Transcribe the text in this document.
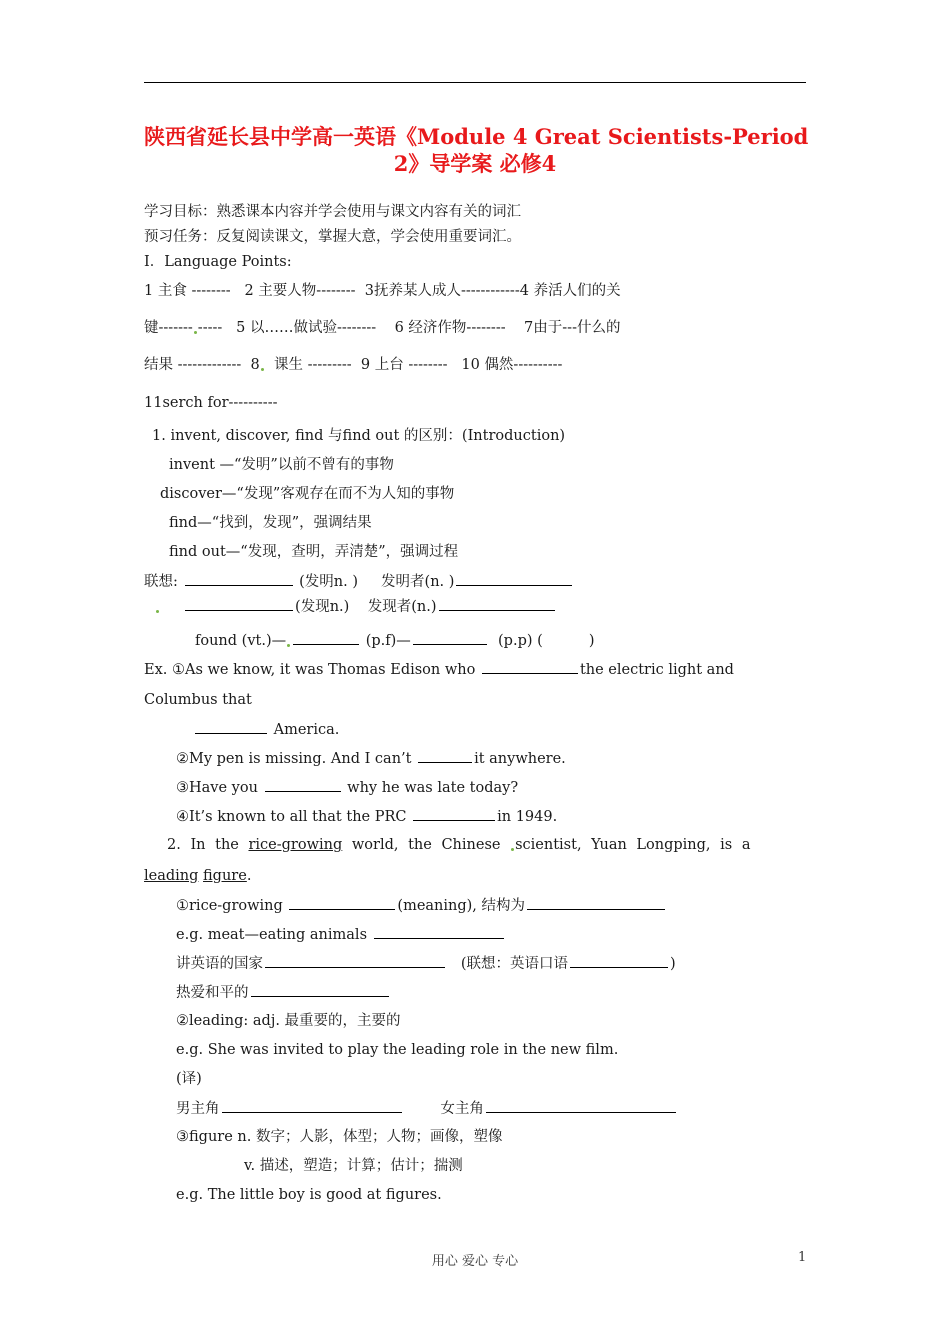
陕西省延长县中学高一英语《Module 4 Great Scientists-Period
2》导学案 必修4
学习目标：熟悉课本内容并学会使用与课文内容有关的词汇
预习任务：反复阅读课文，掌握大意，学会使用重要词汇。
Ⅰ．Language Points:
1 主食 --------   2 主要人物--------  3抚养某人成人------------4 养活人们的关
键------- -----   5 以……做试验--------    6 经济作物--------    7由于---什么的
结果 -------------  8  课生 ---------  9 上台 --------   10 偶然----------
11serch for----------
1. invent, discover, find 与find out 的区别：(Introduction)
invent —“发明”以前不曾有的事物
discover—“发现”客观存在而不为人知的事物
find—“找到，发现”，强调结果
find out—“发现，查明，弄清楚”，强调过程
联想:	(发明n. ) 发明者(n. )
(发现n.) 发现者(n.)
found (vt.)—	(p.f)—	(p.p) (          )
Ex. ①As we know, it was Thomas Edison who	the electric light and
Columbus that
America.
②My pen is missing. And I can’t	it anywhere.
③Have you	why he was late today?
④It’s known to all that the PRC	in 1949.
2. In the rice-growing world, the Chinese scientist, Yuan Longping, is a
leading figure.
①rice-growing	(meaning), 结构为
e.g. meat—eating animals
讲英语的国家	(联想：英语口语	)
热爱和平的
②leading: adj. 最重要的，主要的
e.g. She was invited to play the leading role in the new film.
(译)
男主角	女主角
③figure n. 数字；人影，体型；人物；画像，塑像
v. 描述，塑造；计算；估计；揣测
e.g. The little boy is good at figures.
用心 爱心 专心	1
